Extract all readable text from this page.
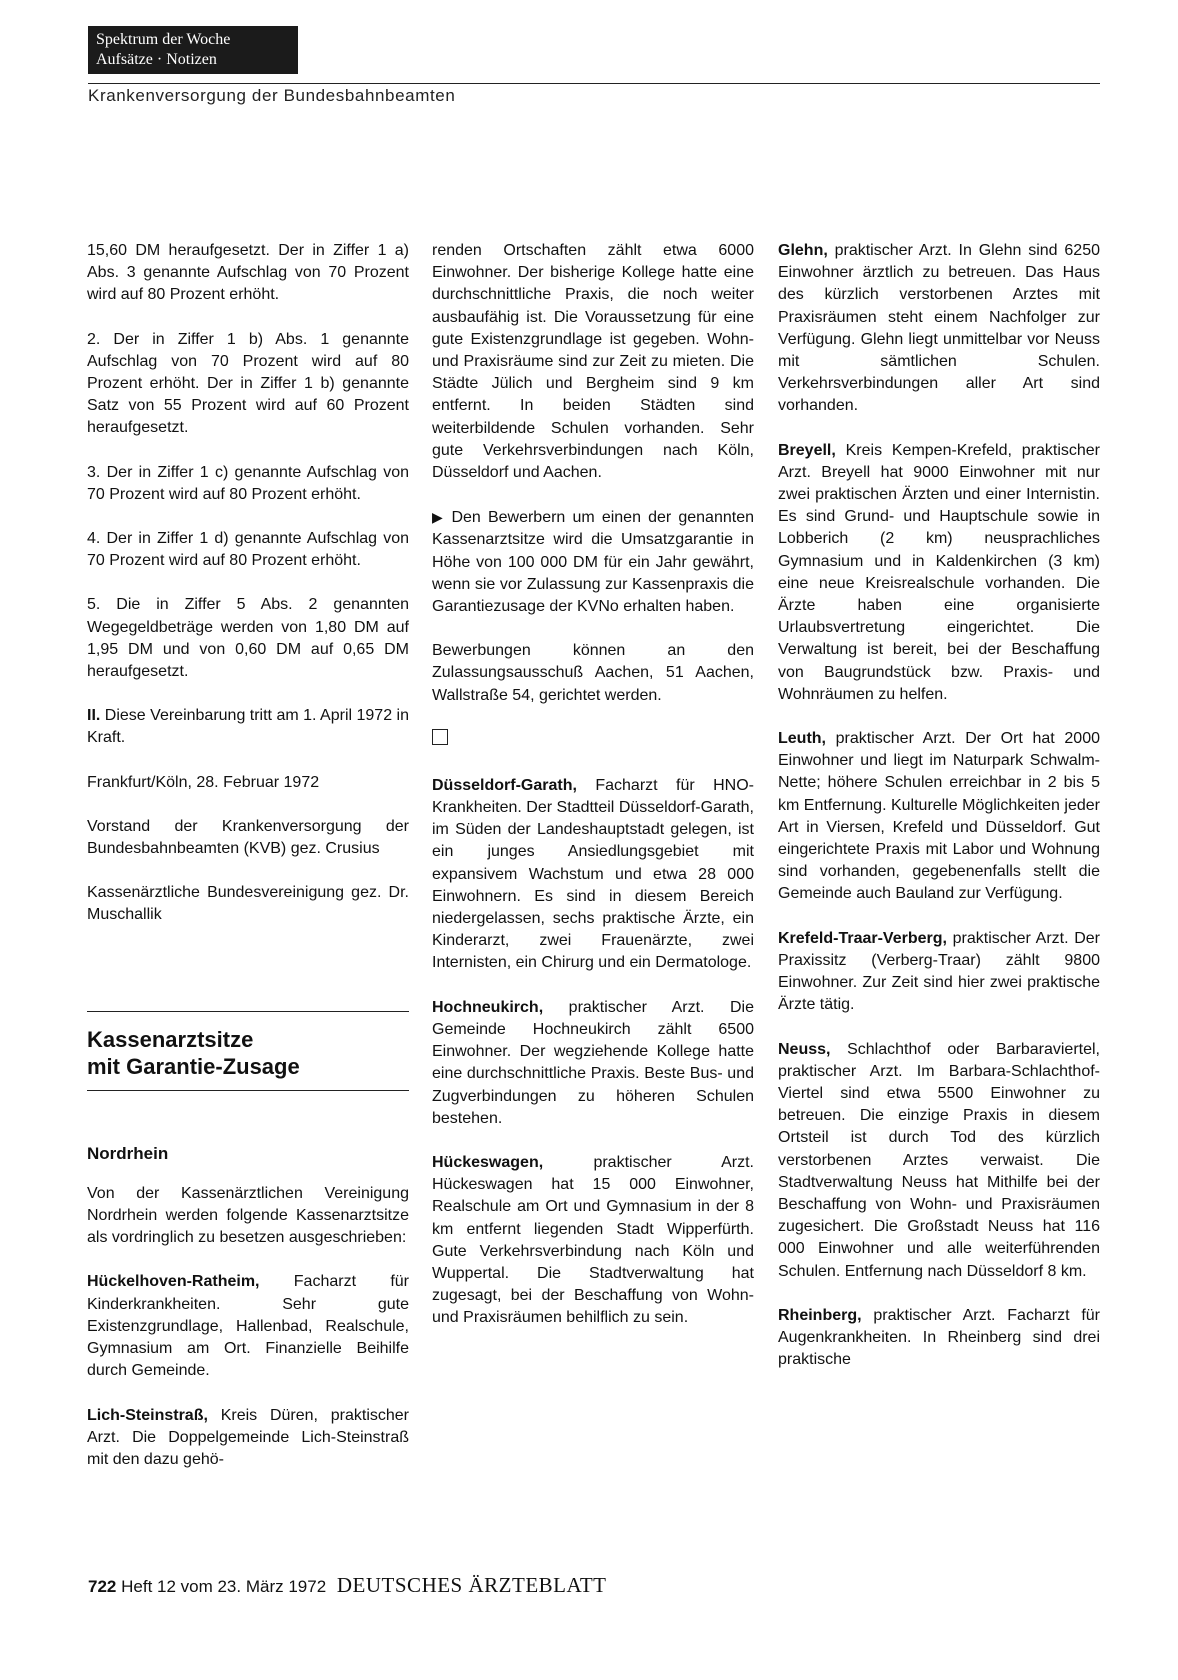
Spektrum der Woche
Aufsätze · Notizen
Krankenversorgung der Bundesbahnbeamten

15,60 DM heraufgesetzt. Der in Ziffer 1 a) Abs. 3 genannte Aufschlag von 70 Prozent wird auf 80 Prozent erhöht.

2. Der in Ziffer 1 b) Abs. 1 genannte Aufschlag von 70 Prozent wird auf 80 Prozent erhöht. Der in Ziffer 1 b) genannte Satz von 55 Prozent wird auf 60 Prozent heraufgesetzt.

3. Der in Ziffer 1 c) genannte Aufschlag von 70 Prozent wird auf 80 Prozent erhöht.

4. Der in Ziffer 1 d) genannte Aufschlag von 70 Prozent wird auf 80 Prozent erhöht.

5. Die in Ziffer 5 Abs. 2 genannten Wegegeldbeträge werden von 1,80 DM auf 1,95 DM und von 0,60 DM auf 0,65 DM heraufgesetzt.

II. Diese Vereinbarung tritt am 1. April 1972 in Kraft.

Frankfurt/Köln, 28. Februar 1972

Vorstand der Krankenversorgung der Bundesbahnbeamten (KVB) gez. Crusius

Kassenärztliche Bundesvereinigung gez. Dr. Muschallik

Kassenarztsitze
mit Garantie-Zusage
Nordrhein

Von der Kassenärztlichen Vereinigung Nordrhein werden folgende Kassenarztsitze als vordringlich zu besetzen ausgeschrieben:

Hückelhoven-Ratheim, Facharzt für Kinderkrankheiten. Sehr gute Existenzgrundlage, Hallenbad, Realschule, Gymnasium am Ort. Finanzielle Beihilfe durch Gemeinde.

Lich-Steinstraß, Kreis Düren, praktischer Arzt. Die Doppelgemeinde Lich-Steinstraß mit den dazu gehö-

renden Ortschaften zählt etwa 6000 Einwohner. Der bisherige Kollege hatte eine durchschnittliche Praxis, die noch weiter ausbaufähig ist. Die Voraussetzung für eine gute Existenzgrundlage ist gegeben. Wohn- und Praxisräume sind zur Zeit zu mieten. Die Städte Jülich und Bergheim sind 9 km entfernt. In beiden Städten sind weiterbildende Schulen vorhanden. Sehr gute Verkehrsverbindungen nach Köln, Düsseldorf und Aachen.

▶ Den Bewerbern um einen der genannten Kassenarztsitze wird die Umsatzgarantie in Höhe von 100 000 DM für ein Jahr gewährt, wenn sie vor Zulassung zur Kassenpraxis die Garantiezusage der KVNo erhalten haben.

Bewerbungen können an den Zulassungsausschuß Aachen, 51 Aachen, Wallstraße 54, gerichtet werden.

Düsseldorf-Garath, Facharzt für HNO-Krankheiten. Der Stadtteil Düsseldorf-Garath, im Süden der Landeshauptstadt gelegen, ist ein junges Ansiedlungsgebiet mit expansivem Wachstum und etwa 28 000 Einwohnern. Es sind in diesem Bereich niedergelassen, sechs praktische Ärzte, ein Kinderarzt, zwei Frauenärzte, zwei Internisten, ein Chirurg und ein Dermatologe.

Hochneukirch, praktischer Arzt. Die Gemeinde Hochneukirch zählt 6500 Einwohner. Der wegziehende Kollege hatte eine durchschnittliche Praxis. Beste Bus- und Zugverbindungen zu höheren Schulen bestehen.

Hückeswagen, praktischer Arzt. Hückeswagen hat 15 000 Einwohner, Realschule am Ort und Gymnasium in der 8 km entfernt liegenden Stadt Wipperfürth. Gute Verkehrsverbindung nach Köln und Wuppertal. Die Stadtverwaltung hat zugesagt, bei der Beschaffung von Wohn- und Praxisräumen behilflich zu sein.

Glehn, praktischer Arzt. In Glehn sind 6250 Einwohner ärztlich zu betreuen. Das Haus des kürzlich verstorbenen Arztes mit Praxisräumen steht einem Nachfolger zur Verfügung. Glehn liegt unmittelbar vor Neuss mit sämtlichen Schulen. Verkehrsverbindungen aller Art sind vorhanden.

Breyell, Kreis Kempen-Krefeld, praktischer Arzt. Breyell hat 9000 Einwohner mit nur zwei praktischen Ärzten und einer Internistin. Es sind Grund- und Hauptschule sowie in Lobberich (2 km) neusprachliches Gymnasium und in Kaldenkirchen (3 km) eine neue Kreisrealschule vorhanden. Die Ärzte haben eine organisierte Urlaubsvertretung eingerichtet. Die Verwaltung ist bereit, bei der Beschaffung von Baugrundstück bzw. Praxis- und Wohnräumen zu helfen.

Leuth, praktischer Arzt. Der Ort hat 2000 Einwohner und liegt im Naturpark Schwalm-Nette; höhere Schulen erreichbar in 2 bis 5 km Entfernung. Kulturelle Möglichkeiten jeder Art in Viersen, Krefeld und Düsseldorf. Gut eingerichtete Praxis mit Labor und Wohnung sind vorhanden, gegebenenfalls stellt die Gemeinde auch Bauland zur Verfügung.

Krefeld-Traar-Verberg, praktischer Arzt. Der Praxissitz (Verberg-Traar) zählt 9800 Einwohner. Zur Zeit sind hier zwei praktische Ärzte tätig.

Neuss, Schlachthof oder Barbaraviertel, praktischer Arzt. Im Barbara-Schlachthof-Viertel sind etwa 5500 Einwohner zu betreuen. Die einzige Praxis in diesem Ortsteil ist durch Tod des kürzlich verstorbenen Arztes verwaist. Die Stadtverwaltung Neuss hat Mithilfe bei der Beschaffung von Wohn- und Praxisräumen zugesichert. Die Großstadt Neuss hat 116 000 Einwohner und alle weiterführenden Schulen. Entfernung nach Düsseldorf 8 km.

Rheinberg, praktischer Arzt. Facharzt für Augenkrankheiten. In Rheinberg sind drei praktische

722 Heft 12 vom 23. März 1972 DEUTSCHES ÄRZTEBLATT
